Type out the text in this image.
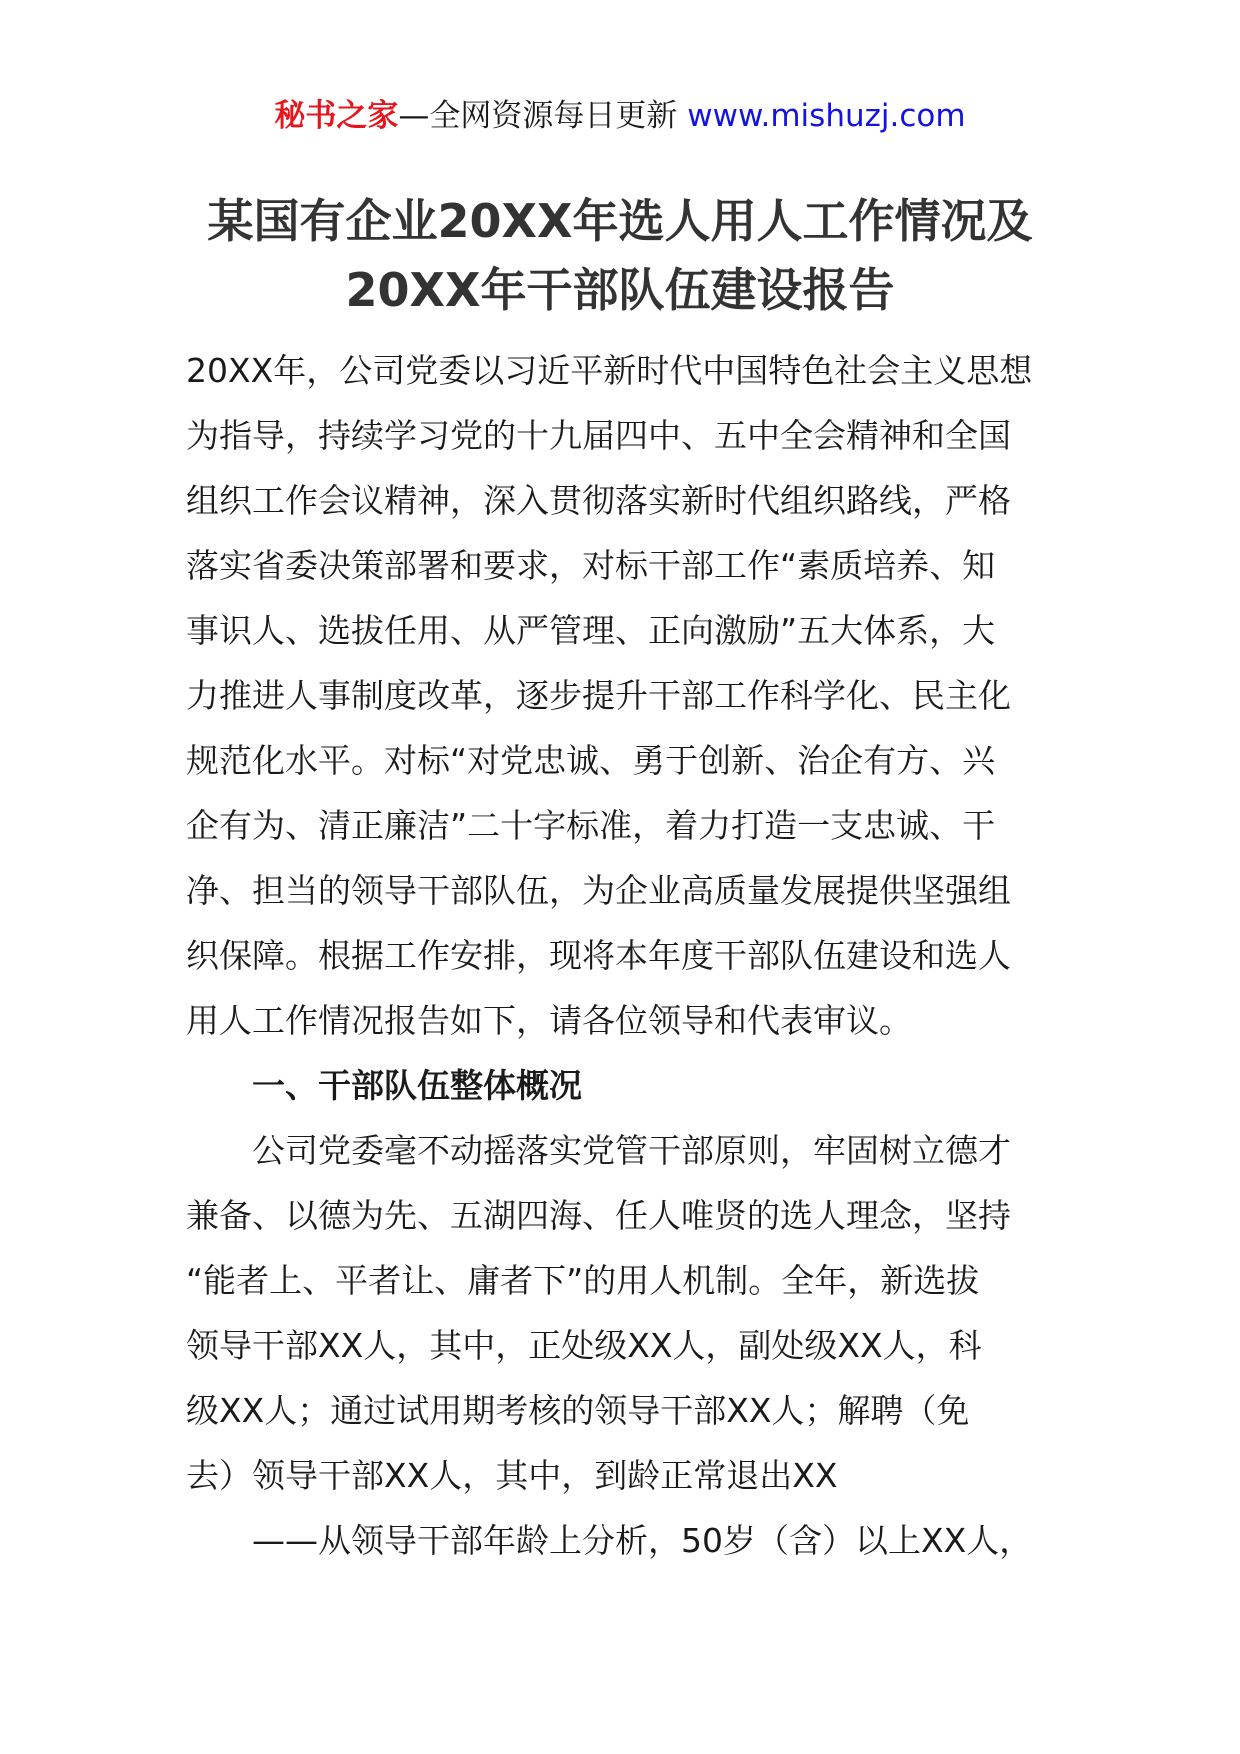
秘书之家—全网资源每日更新 www.mishuzj.com
某国有企业20XX年选人用人工作情况及
20XX年干部队伍建设报告
20XX年，公司党委以习近平新时代中国特色社会主义思想
为指导，持续学习党的十九届四中、五中全会精神和全国
组织工作会议精神，深入贯彻落实新时代组织路线，严格
落实省委决策部署和要求，对标干部工作“素质培养、知
事识人、选拔任用、从严管理、正向激励”五大体系，大
力推进人事制度改革，逐步提升干部工作科学化、民主化
规范化水平。对标“对党忠诚、勇于创新、治企有方、兴
企有为、清正廉洁”二十字标准，着力打造一支忠诚、干
净、担当的领导干部队伍，为企业高质量发展提供坚强组
织保障。根据工作安排，现将本年度干部队伍建设和选人
用人工作情况报告如下，请各位领导和代表审议。
一、干部队伍整体概况
公司党委毫不动摇落实党管干部原则，牢固树立德才
兼备、以德为先、五湖四海、任人唯贤的选人理念，坚持
“能者上、平者让、庸者下”的用人机制。全年，新选拔
领导干部XX人，其中，正处级XX人，副处级XX人，科
级XX人；通过试用期考核的领导干部XX人；解聘（免
去）领导干部XX人，其中，到龄正常退出XX
——从领导干部年龄上分析，50岁（含）以上XX人，
